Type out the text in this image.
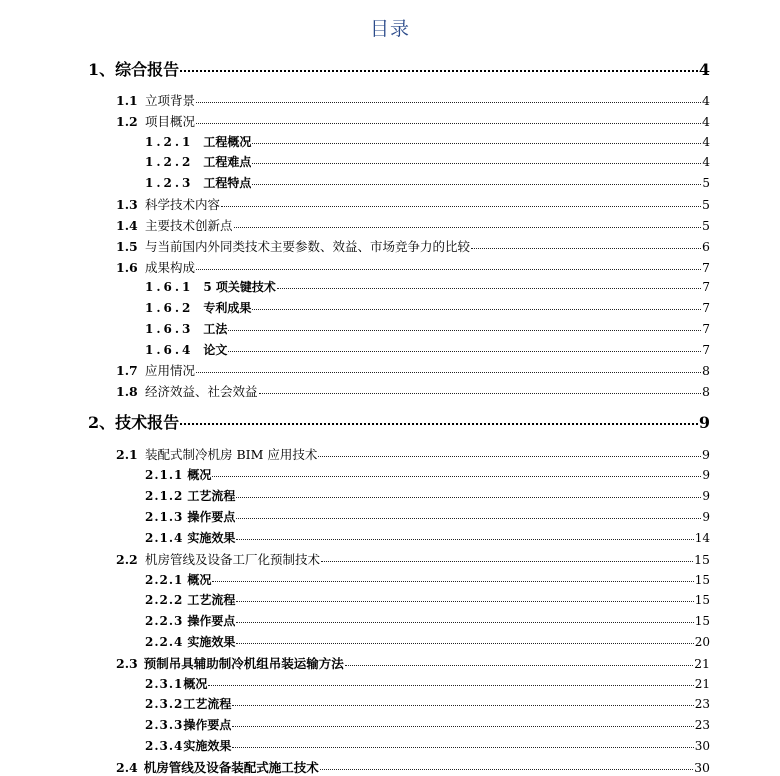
目录
1、综合报告	4
1.1 立项背景	4
1.2 项目概况	4
1.2.1 工程概况	4
1.2.2 工程难点	4
1.2.3 工程特点	5
1.3 科学技术内容	5
1.4 主要技术创新点	5
1.5 与当前国内外同类技术主要参数、效益、市场竞争力的比较	6
1.6 成果构成	7
1.6.1 5 项关键技术	7
1.6.2 专利成果	7
1.6.3 工法	7
1.6.4 论文	7
1.7 应用情况	8
1.8 经济效益、社会效益	8
2、技术报告	9
2.1 装配式制冷机房 BIM 应用技术	9
2.1.1 概况	9
2.1.2 工艺流程	9
2.1.3 操作要点	9
2.1.4 实施效果	14
2.2 机房管线及设备工厂化预制技术	15
2.2.1 概况	15
2.2.2 工艺流程	15
2.2.3 操作要点	15
2.2.4 实施效果	20
2.3 预制吊具辅助制冷机组吊装运输方法	21
2.3.1概况	21
2.3.2工艺流程	23
2.3.3操作要点	23
2.3.4实施效果	30
2.4 机房管线及设备装配式施工技术	30
